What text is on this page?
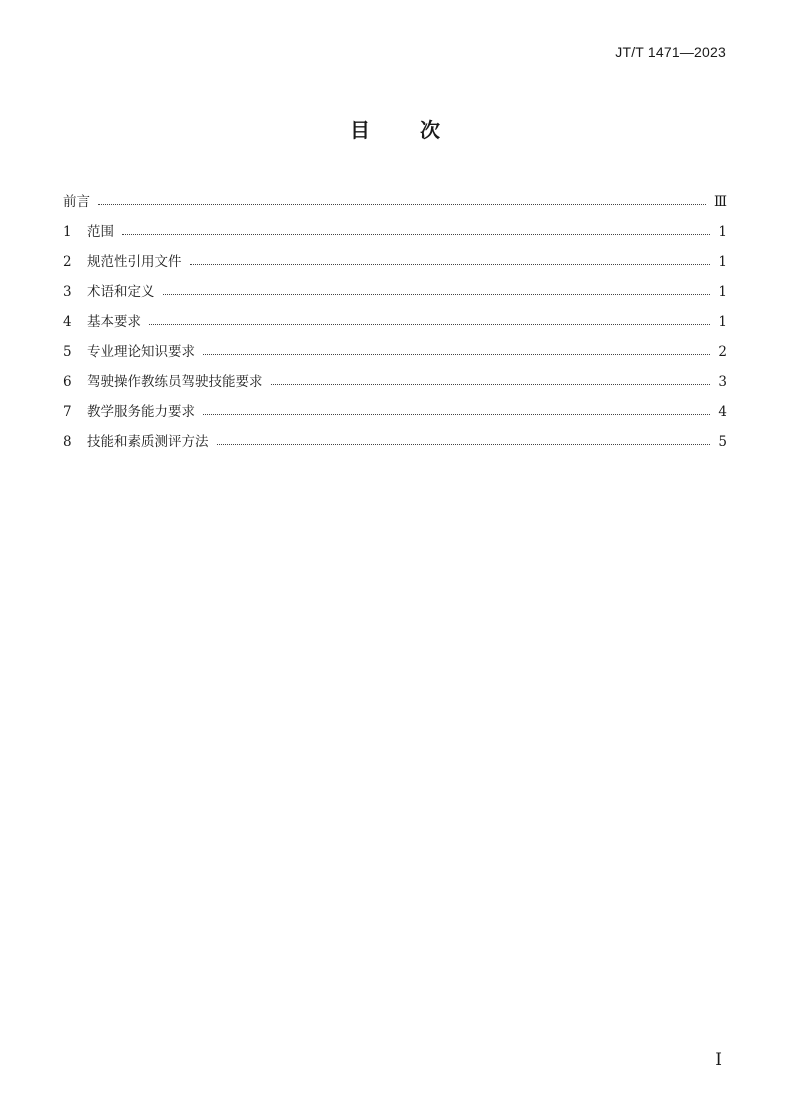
JT/T 1471—2023
目	次
前言	Ⅲ
1	范围	1
2	规范性引用文件	1
3	术语和定义	1
4	基本要求	1
5	专业理论知识要求	2
6	驾驶操作教练员驾驶技能要求	3
7	教学服务能力要求	4
8	技能和素质测评方法	5
I
